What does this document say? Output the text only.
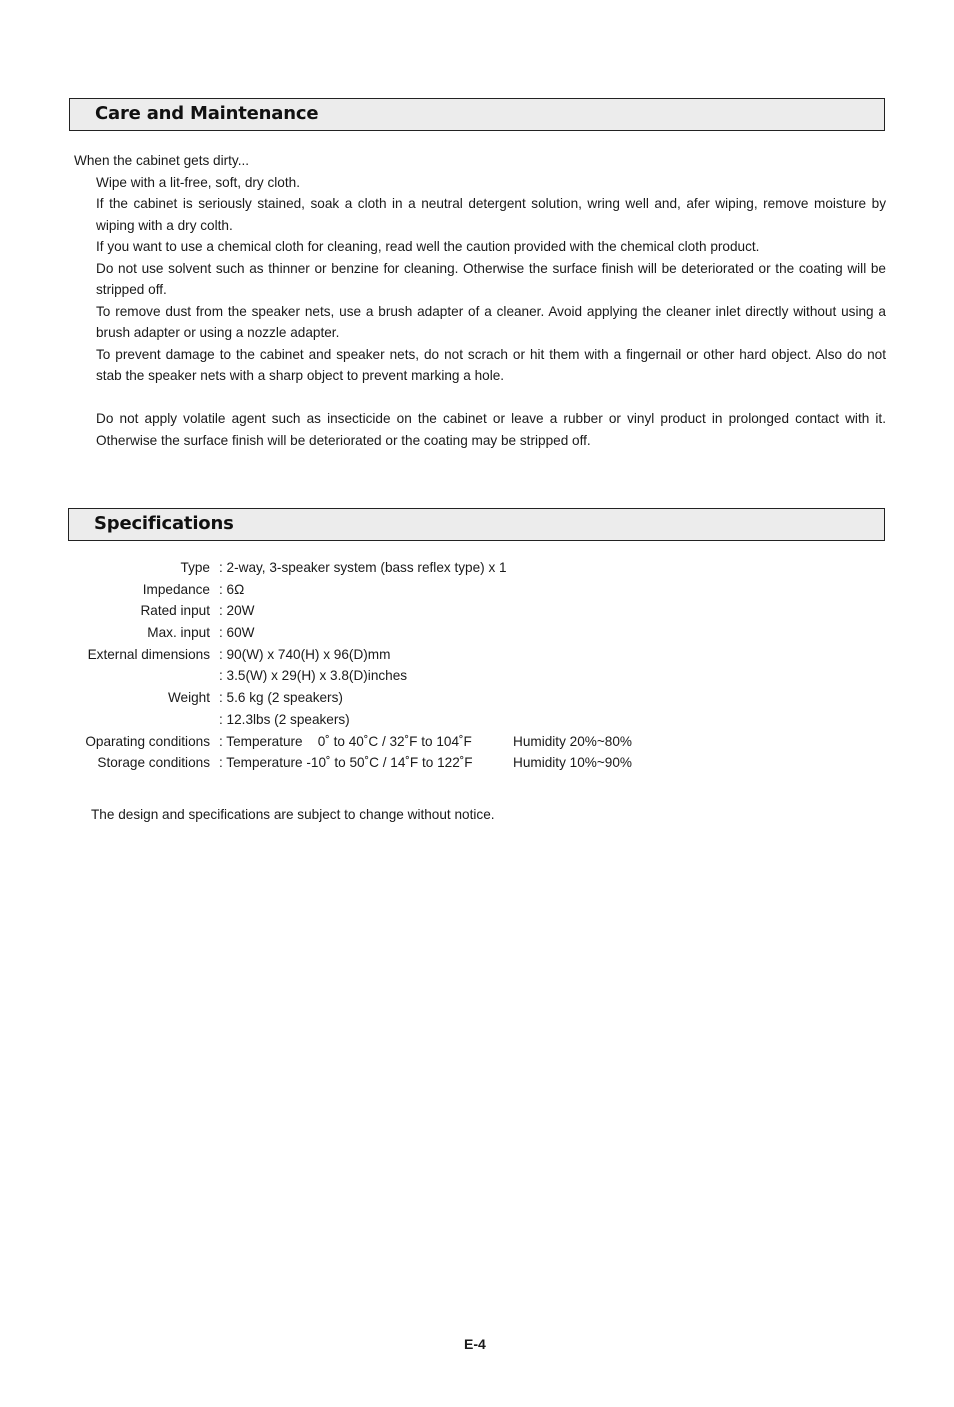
Care and Maintenance

When the cabinet gets dirty...

Wipe with a lit-free, soft, dry cloth.

If the cabinet is seriously stained, soak a cloth in a neutral detergent solution, wring well and, afer wiping, remove moisture by wiping with a dry colth.

If you want to use a chemical cloth for cleaning, read well the caution provided with the chemical cloth product.

Do not use solvent such as thinner or benzine for cleaning. Otherwise the surface finish will be deteriorated or the coating will be stripped off.

To remove dust from the speaker nets, use a brush adapter of a cleaner. Avoid applying the cleaner inlet directly without using a brush adapter or using a nozzle adapter.

To prevent damage to the cabinet and speaker nets, do not scrach or hit them with a fingernail or other hard object. Also do not stab the speaker nets with a sharp object to prevent marking a hole.

Do not apply volatile agent such as insecticide on the cabinet or leave a rubber or vinyl product in prolonged contact with it. Otherwise the surface finish will be deteriorated or the coating may be stripped off.

Specifications
Type : 2-way, 3-speaker system (bass reflex type) x 1
Impedance : 6Ω
Rated input : 20W
Max. input : 60W
External dimensions : 90(W) x 740(H) x 96(D)mm
: 3.5(W) x 29(H) x 3.8(D)inches
Weight : 5.6 kg (2 speakers)
: 12.3lbs (2 speakers)
Oparating conditions : Temperature    0˚ to 40˚C / 32˚F to 104˚F	Humidity 20%~80%
Storage conditions : Temperature -10˚ to 50˚C / 14˚F to 122˚F	Humidity 10%~90%
The design and specifications are subject to change without notice.
E-4
